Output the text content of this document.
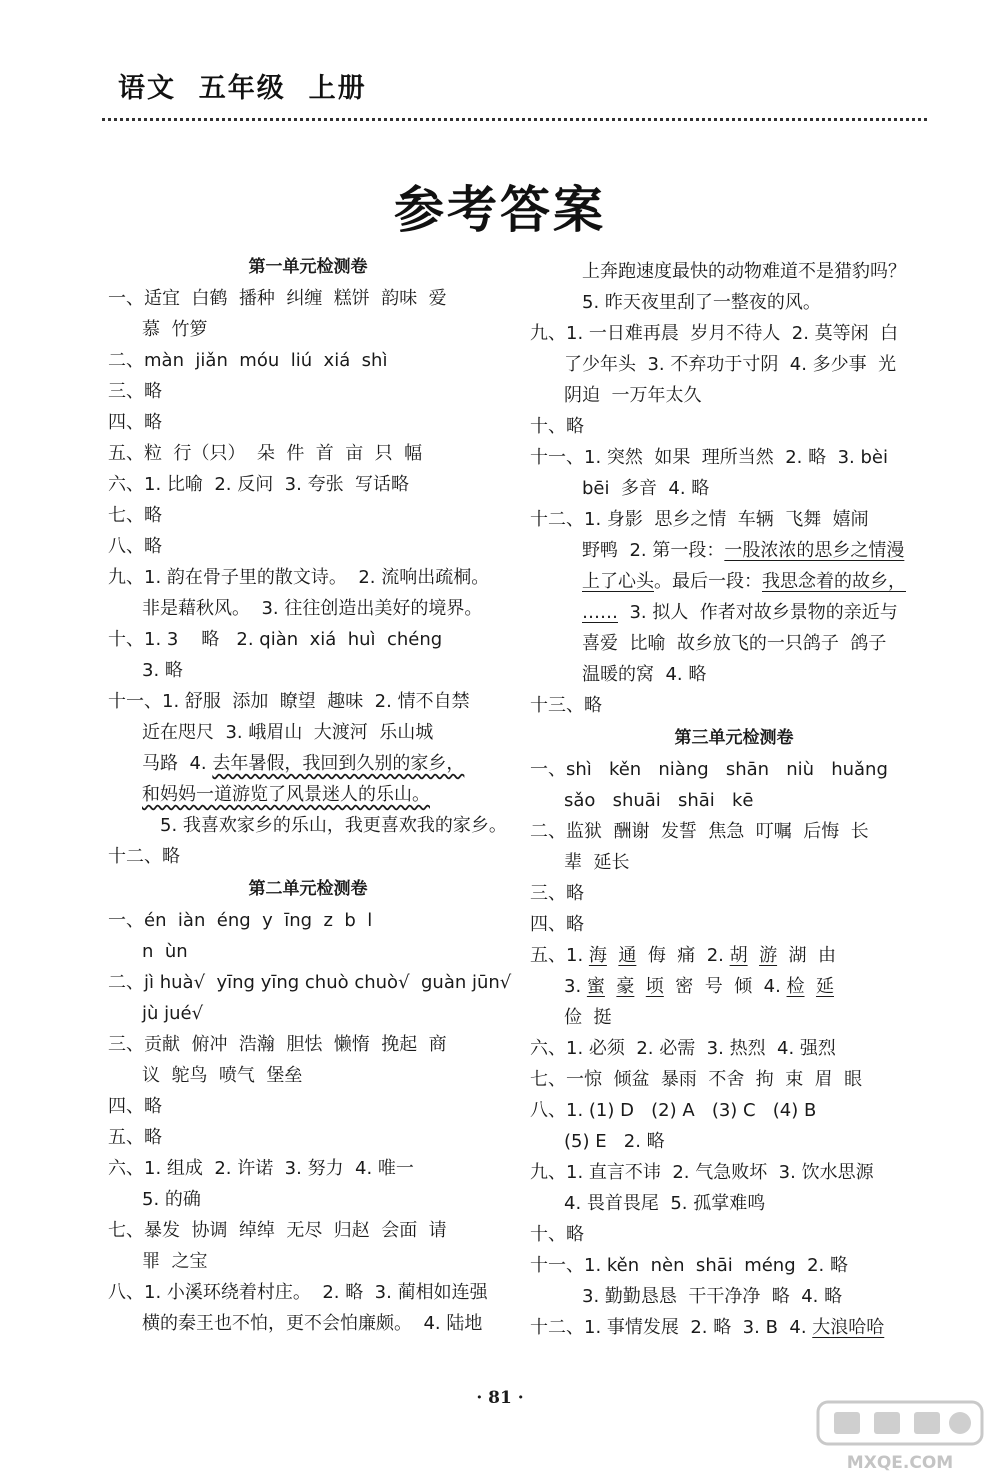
语文  五年级  上册
参考答案
第一单元检测卷
一、适宜  白鹤  播种  纠缠  糕饼  韵味  爱
慕  竹箩
二、màn  jiǎn  móu  liú  xiá  shì
三、略
四、略
五、粒  行（只）  朵  件  首  亩  只  幅
六、1. 比喻  2. 反问  3. 夸张  写话略
七、略
八、略
九、1. 韵在骨子里的散文诗。  2. 流响出疏桐。
非是藉秋风。  3. 往往创造出美好的境界。
十、1. 3    略   2. qiàn  xiá  huì  chéng
3. 略
十一、1. 舒服  添加  瞭望  趣味  2. 情不自禁
近在咫尺  3. 峨眉山  大渡河  乐山城
马路  4. 去年暑假，我回到久别的家乡，
和妈妈一道游览了风景迷人的乐山。
5. 我喜欢家乡的乐山，我更喜欢我的家乡。
十二、略
第二单元检测卷
一、én  iàn  éng  y  īng  z  b  l
n  ùn
二、jì huà√  yīng yīng chuò chuò√  guàn jūn√
jù jué√
三、贡献  俯冲  浩瀚  胆怯  懒惰  挽起  商
议  鸵鸟  喷气  堡垒
四、略
五、略
六、1. 组成  2. 许诺  3. 努力  4. 唯一
5. 的确
七、暴发  协调  绰绰  无尽  归赵  会面  请
罪  之宝
八、1. 小溪环绕着村庄。  2. 略  3. 蔺相如连强
横的秦王也不怕，更不会怕廉颇。  4. 陆地
上奔跑速度最快的动物难道不是猎豹吗？
5. 昨天夜里刮了一整夜的风。
九、1. 一日难再晨  岁月不待人  2. 莫等闲  白
了少年头  3. 不弃功于寸阴  4. 多少事  光
阴迫  一万年太久
十、略
十一、1. 突然  如果  理所当然  2. 略  3. bèi
bēi  多音  4. 略
十二、1. 身影  思乡之情  车辆  飞舞  嬉闹
野鸭  2. 第一段：一股浓浓的思乡之情漫
上了心头。最后一段：我思念着的故乡，
……  3. 拟人  作者对故乡景物的亲近与
喜爱  比喻  故乡放飞的一只鸽子  鸽子
温暖的窝  4. 略
十三、略
第三单元检测卷
一、shì   kěn   niàng   shān   niù   huǎng
sǎo   shuāi   shāi   kē
二、监狱  酬谢  发誓  焦急  叮嘱  后悔  长
辈  延长
三、略
四、略
五、1. 海 通 侮 痛 2. 胡 游 湖 由
3. 蜜 豪 顷 密 号 倾 4. 检 延
俭 挺
六、1. 必须  2. 必需  3. 热烈  4. 强烈
七、一惊  倾盆  暴雨  不舍  拘  束  眉  眼
八、1. (1) D   (2) A   (3) C   (4) B
(5) E   2. 略
九、1. 直言不讳  2. 气急败坏  3. 饮水思源
4. 畏首畏尾  5. 孤掌难鸣
十、略
十一、1. kěn  nèn  shāi  méng  2. 略
3. 勤勤恳恳  干干净净  略  4. 略
十二、1. 事情发展  2. 略  3. B  4. 大浪哈哈
· 81 ·
MXQE.COM
